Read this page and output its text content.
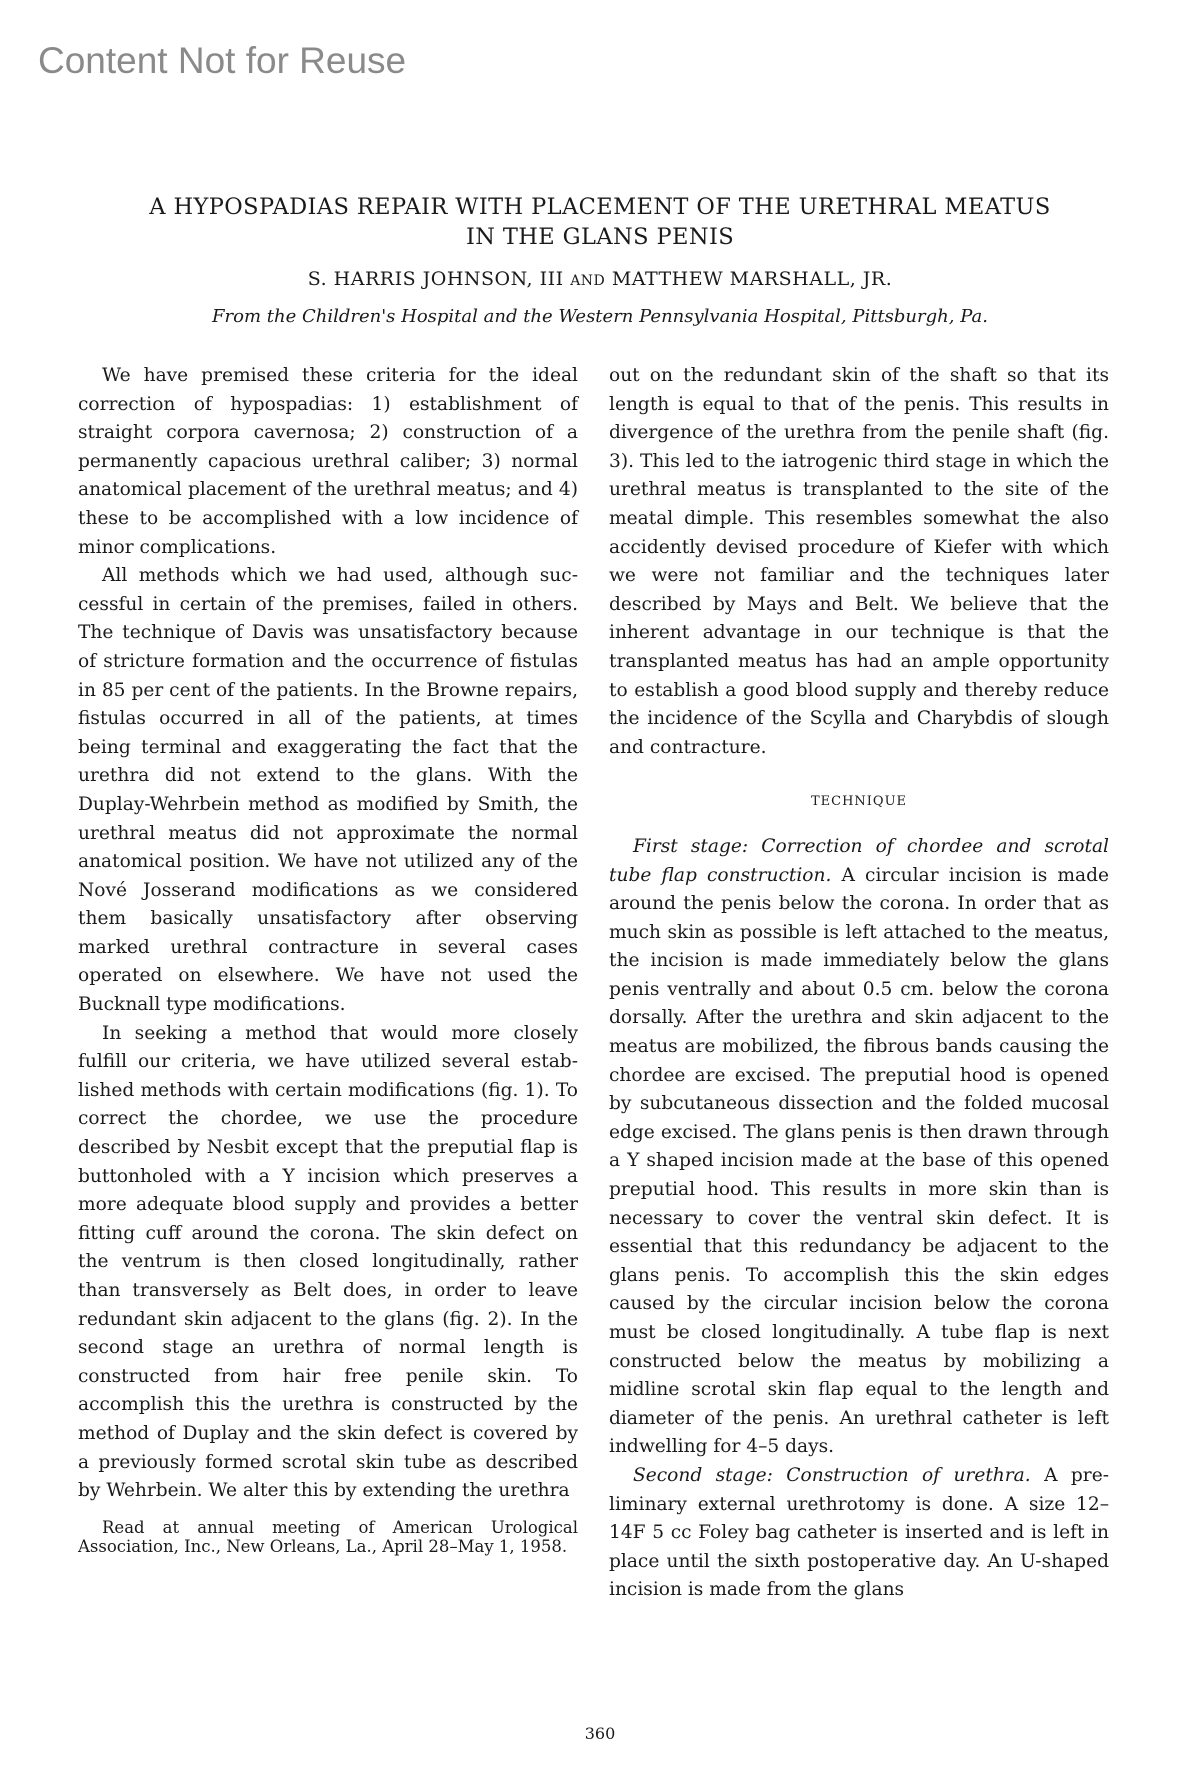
Content Not for Reuse
A HYPOSPADIAS REPAIR WITH PLACEMENT OF THE URETHRAL MEATUS
IN THE GLANS PENIS
S. HARRIS JOHNSON, III AND MATTHEW MARSHALL, JR.
From the Children's Hospital and the Western Pennsylvania Hospital, Pittsburgh, Pa.

We have premised these criteria for the ideal correction of hypospadias: 1) establishment of straight corpora cavernosa; 2) construction of a permanently capacious urethral caliber; 3) normal anatomical placement of the urethral meatus; and 4) these to be accomplished with a low incidence of minor complications.

All methods which we had used, although successful in certain of the premises, failed in others. The technique of Davis was unsatisfactory because of stricture formation and the occurrence of fistulas in 85 per cent of the patients. In the Browne repairs, fistulas occurred in all of the patients, at times being terminal and exaggerating the fact that the urethra did not extend to the glans. With the Duplay-Wehrbein method as modified by Smith, the urethral meatus did not approximate the normal anatomical position. We have not utilized any of the Nové Josserand modifications as we considered them basically unsatisfactory after observing marked urethral contracture in several cases operated on elsewhere. We have not used the Bucknall type modifications.

In seeking a method that would more closely fulfill our criteria, we have utilized several established methods with certain modifications (fig. 1). To correct the chordee, we use the procedure described by Nesbit except that the preputial flap is buttonholed with a Y incision which preserves a more adequate blood supply and provides a better fitting cuff around the corona. The skin defect on the ventrum is then closed longitudinally, rather than transversely as Belt does, in order to leave redundant skin adjacent to the glans (fig. 2). In the second stage an urethra of normal length is constructed from hair free penile skin. To accomplish this the urethra is constructed by the method of Duplay and the skin defect is covered by a previously formed scrotal skin tube as described by Wehrbein. We alter this by extending the urethra

Read at annual meeting of American Urological Association, Inc., New Orleans, La., April 28–May 1, 1958.

out on the redundant skin of the shaft so that its length is equal to that of the penis. This results in divergence of the urethra from the penile shaft (fig. 3). This led to the iatrogenic third stage in which the urethral meatus is transplanted to the site of the meatal dimple. This resembles somewhat the also accidently devised procedure of Kiefer with which we were not familiar and the techniques later described by Mays and Belt. We believe that the inherent advantage in our technique is that the transplanted meatus has had an ample opportunity to establish a good blood supply and thereby reduce the incidence of the Scylla and Charybdis of slough and contracture.

TECHNIQUE

First stage: Correction of chordee and scrotal tube flap construction. A circular incision is made around the penis below the corona. In order that as much skin as possible is left attached to the meatus, the incision is made immediately below the glans penis ventrally and about 0.5 cm. below the corona dorsally. After the urethra and skin adjacent to the meatus are mobilized, the fibrous bands causing the chordee are excised. The preputial hood is opened by subcutaneous dissection and the folded mucosal edge excised. The glans penis is then drawn through a Y shaped incision made at the base of this opened preputial hood. This results in more skin than is necessary to cover the ventral skin defect. It is essential that this redundancy be adjacent to the glans penis. To accomplish this the skin edges caused by the circular incision below the corona must be closed longitudinally. A tube flap is next constructed below the meatus by mobilizing a midline scrotal skin flap equal to the length and diameter of the penis. An urethral catheter is left indwelling for 4–5 days.

Second stage: Construction of urethra. A preliminary external urethrotomy is done. A size 12–14F 5 cc Foley bag catheter is inserted and is left in place until the sixth postoperative day. An U-shaped incision is made from the glans

360
